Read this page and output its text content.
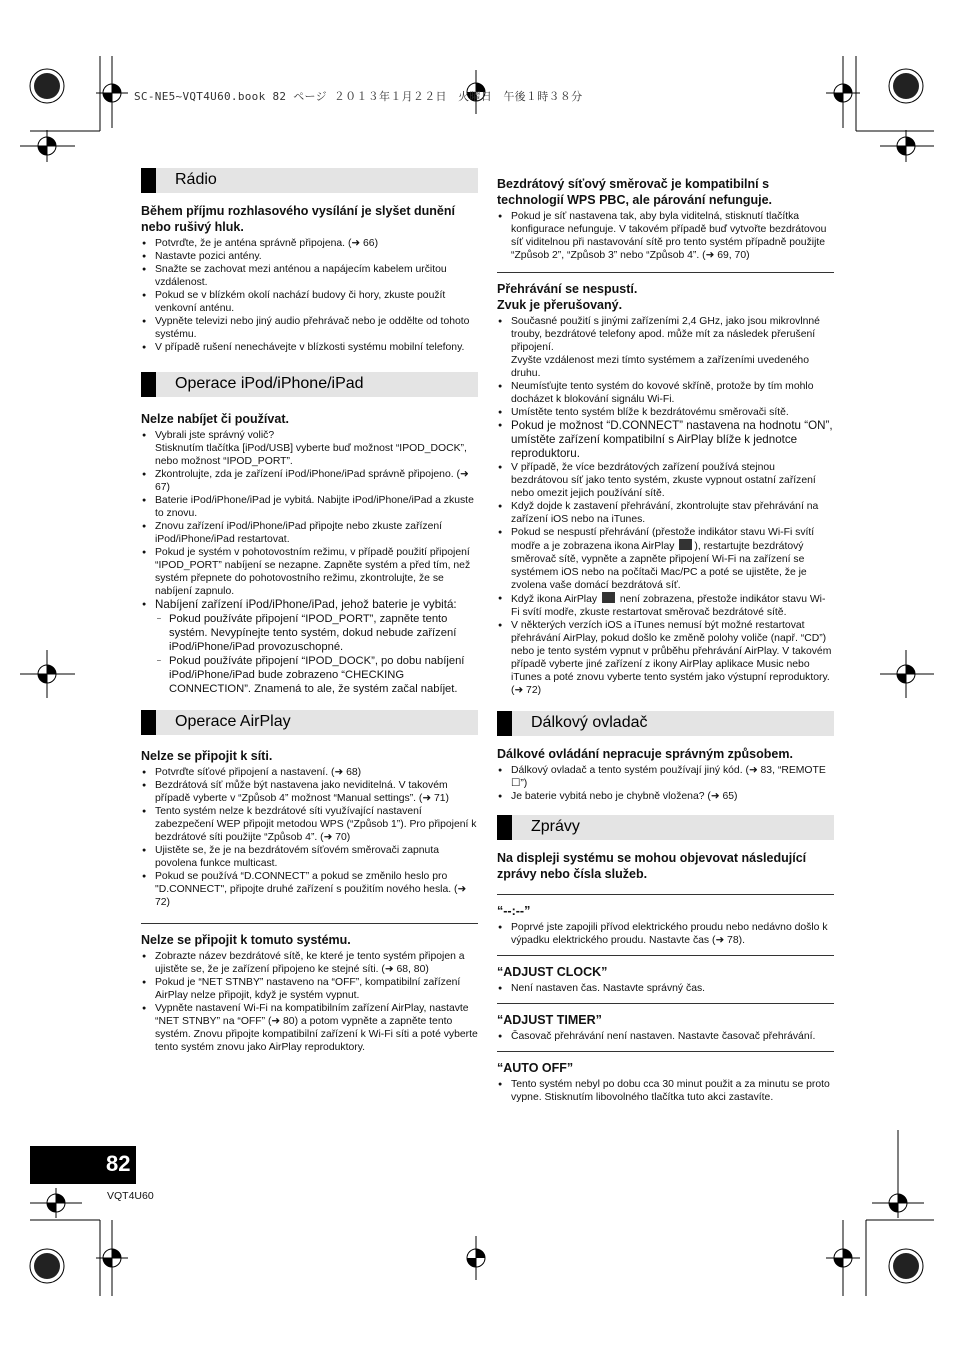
SC-NE5~VQT4U60.book 82 ページ ２０１３年１月２２日　火曜日　午後１時３８分
Rádio
Během příjmu rozhlasového vysílání je slyšet dunění nebo rušivý hluk.
● Potvrďte, že je anténa správně připojena. (➜ 66)
● Nastavte pozici antény.
● Snažte se zachovat mezi anténou a napájecím kabelem určitou vzdálenost.
● Pokud se v blízkém okolí nachází budovy či hory, zkuste použít venkovní anténu.
● Vypněte televizi nebo jiný audio přehrávač nebo je oddělte od tohoto systému.
● V případě rušení nenechávejte v blízkosti systému mobilní telefony.
Operace iPod/iPhone/iPad
Nelze nabíjet či používat.
● Vybrali jste správný volič?
Stisknutím tlačítka [iPod/USB] vyberte buď možnost “IPOD_DOCK”, nebo možnost “IPOD_PORT”.
● Zkontrolujte, zda je zařízení iPod/iPhone/iPad správně připojeno. (➜ 67)
● Baterie iPod/iPhone/iPad je vybitá. Nabijte iPod/iPhone/iPad a zkuste to znovu.
● Znovu zařízení iPod/iPhone/iPad připojte nebo zkuste zařízení iPod/iPhone/iPad restartovat.
● Pokud je systém v pohotovostním režimu, v případě použití připojení “IPOD_PORT” nabíjení se nezapne. Zapněte systém a před tím, než systém přepnete do pohotovostního režimu, zkontrolujte, že se nabíjení zapnulo.
● Nabíjení zařízení iPod/iPhone/iPad, jehož baterie je vybitá:
– Pokud používáte připojení “IPOD_PORT”, zapněte tento systém. Nevypínejte tento systém, dokud nebude zařízení iPod/iPhone/iPad provozuschopné.
– Pokud používáte připojení “IPOD_DOCK”, po dobu nabíjení iPod/iPhone/iPad bude zobrazeno “CHECKING CONNECTION”. Znamená to ale, že systém začal nabíjet.
Operace AirPlay
Nelze se připojit k síti.
● Potvrďte síťové připojení a nastavení. (➜ 68)
● Bezdrátová síť může být nastavena jako neviditelná. V takovém případě vyberte v “Způsob 4” možnost “Manual settings”. (➜ 71)
● Tento systém nelze k bezdrátové síti využívající nastavení zabezpečení WEP připojit metodou WPS (“Způsob 1”). Pro připojení k bezdrátové síti použijte “Způsob 4”. (➜ 70)
● Ujistěte se, že je na bezdrátovém síťovém směrovači zapnuta povolena funkce multicast.
● Pokud se používá “D.CONNECT” a pokud se změnilo heslo pro "D.CONNECT", připojte druhé zařízení s použitím nového hesla. (➜ 72)
Nelze se připojit k tomuto systému.
● Zobrazte název bezdrátové sítě, ke které je tento systém připojen a ujistěte se, že je zařízení připojeno ke stejné síti. (➜ 68, 80)
● Pokud je “NET STNBY” nastaveno na “OFF”, kompatibilní zařízení AirPlay nelze připojit, když je systém vypnut.
● Vypněte nastavení Wi-Fi na kompatibilním zařízení AirPlay, nastavte “NET STNBY” na “OFF” (➜ 80) a potom vypněte a zapněte tento systém. Znovu připojte kompatibilní zařízení k Wi-Fi síti a poté vyberte tento systém znovu jako AirPlay reproduktory.
Bezdrátový síťový směrovač je kompatibilní s technologií WPS PBC, ale párování nefunguje.
● Pokud je síť nastavena tak, aby byla viditelná, stisknutí tlačítka konfigurace nefunguje. V takovém případě buď vytvořte bezdrátovou síť viditelnou při nastavování sítě pro tento systém případně použijte “Způsob 2”, “Způsob 3” nebo “Způsob 4”. (➜ 69, 70)
Přehrávání se nespustí.
Zvuk je přerušovaný.
● Současné použití s jinými zařízeními 2,4 GHz, jako jsou mikrovlnné trouby, bezdrátové telefony apod. může mít za následek přerušení připojení.
Zvyšte vzdálenost mezi tímto systémem a zařízeními uvedeného druhu.
● Neumísťujte tento systém do kovové skříně, protože by tím mohlo docházet k blokování signálu Wi-Fi.
● Umístěte tento systém blíže k bezdrátovému směrovači sítě.
● Pokud je možnost “D.CONNECT” nastavena na hodnotu “ON”, umístěte zařízení kompatibilní s AirPlay blíže k jednotce reproduktoru.
● V případě, že více bezdrátových zařízení používá stejnou bezdrátovou síť jako tento systém, zkuste vypnout ostatní zařízení nebo omezit jejich používání sítě.
● Když dojde k zastavení přehrávání, zkontrolujte stav přehrávání na zařízení iOS nebo na iTunes.
● Pokud se nespustí přehrávání (přestože indikátor stavu Wi-Fi svítí modře a je zobrazena ikona AirPlay ), restartujte bezdrátový směrovač sítě, vypněte a zapněte připojení Wi-Fi na zařízení se systémem iOS nebo na počítači Mac/PC a poté se ujistěte, že je zvolena vaše domácí bezdrátová síť.
● Když ikona AirPlay není zobrazena, přestože indikátor stavu Wi-Fi svítí modře, zkuste restartovat směrovač bezdrátové sítě.
● V některých verzích iOS a iTunes nemusí být možné restartovat přehrávání AirPlay, pokud došlo ke změně polohy voliče (např. “CD”) nebo je tento systém vypnut v průběhu přehrávání AirPlay. V takovém případě vyberte jiné zařízení z ikony AirPlay aplikace Music nebo iTunes a poté znovu vyberte tento systém jako výstupní reproduktory. (➜ 72)
Dálkový ovladač
Dálkové ovládání nepracuje správným způsobem.
● Dálkový ovladač a tento systém používají jiný kód. (➜ 83, “REMOTE ☐”)
● Je baterie vybitá nebo je chybně vložena? (➜ 65)
Zprávy
Na displeji systému se mohou objevovat následující zprávy nebo čísla služeb.
“--:--”
● Poprvé jste zapojili přívod elektrického proudu nebo nedávno došlo k výpadku elektrického proudu. Nastavte čas (➜ 78).
“ADJUST CLOCK”
● Není nastaven čas. Nastavte správný čas.
“ADJUST TIMER”
● Časovač přehrávání není nastaven. Nastavte časovač přehrávání.
“AUTO OFF”
● Tento systém nebyl po dobu cca 30 minut použit a za minutu se proto vypne. Stisknutím libovolného tlačítka tuto akci zastavíte.
82
VQT4U60
